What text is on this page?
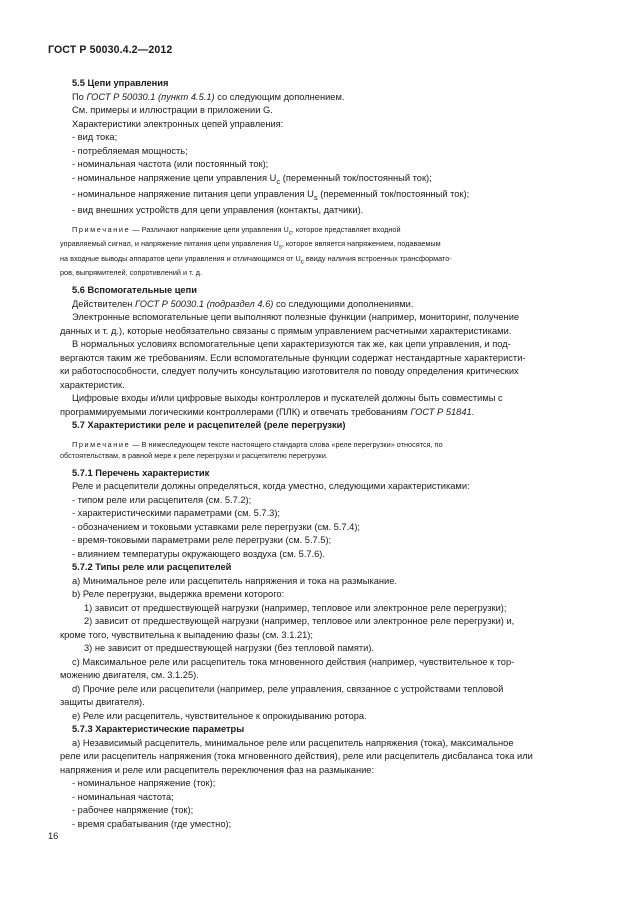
ГОСТ Р 50030.4.2—2012
5.5 Цепи управления
По ГОСТ Р 50030.1 (пункт 4.5.1) со следующим дополнением.
См. примеры и иллюстрации в приложении G.
Характеристики электронных цепей управления:
- вид тока;
- потребляемая мощность;
- номинальная частота (или постоянный ток);
- номинальное напряжение цепи управления $U_c$ (переменный ток/постоянный ток);
- номинальное напряжение питания цепи управления $U_s$ (переменный ток/постоянный ток);
- вид внешних устройств для цепи управления (контакты, датчики).
Примечание — Различают напряжение цепи управления $U_c$, которое представляет входной
управляемый сигнал, и напряжение питания цепи управления $U_s$, которое является напряжением, подаваемым
на входные выводы аппаратов цепи управления и отличающимся от $U_c$ ввиду наличия встроенных трансформато-
ров, выпрямителей, сопротивлений и т. д.
5.6 Вспомогательные цепи
Действителен ГОСТ Р 50030.1 (подраздел 4.6) со следующими дополнениями.
Электронные вспомогательные цепи выполняют полезные функции (например, мониторинг, получение
данных и т. д.), которые необязательно связаны с прямым управлением расчетными характеристиками.
В нормальных условиях вспомогательные цепи характеризуются так же, как цепи управления, и под-
вергаются таким же требованиям. Если вспомогательные функции содержат нестандартные характеристи-
ки работоспособности, следует получить консультацию изготовителя по поводу определения критических
характеристик.
Цифровые входы и/или цифровые выходы контроллеров и пускателей должны быть совместимы с
программируемыми логическими контроллерами (ПЛК) и отвечать требованиям ГОСТ Р 51841.
5.7 Характеристики реле и расцепителей (реле перегрузки)
Примечание — В нижеследующем тексте настоящего стандарта слова «реле перегрузки» относятся, по
обстоятельствам, в равной мере к реле перегрузки и расцепителю перегрузки.
5.7.1 Перечень характеристик
Реле и расцепители должны определяться, когда уместно, следующими характеристиками:
- типом реле или расцепителя (см. 5.7.2);
- характеристическими параметрами (см. 5.7.3);
- обозначением и токовыми уставками реле перегрузки (см. 5.7.4);
- время-токовыми параметрами реле перегрузки (см. 5.7.5);
- влиянием температуры окружающего воздуха (см. 5.7.6).
5.7.2 Типы реле или расцепителей
а) Минимальное реле или расцепитель напряжения и тока на размыкание.
b) Реле перегрузки, выдержка времени которого:
1) зависит от предшествующей нагрузки (например, тепловое или электронное реле перегрузки);
2) зависит от предшествующей нагрузки (например, тепловое или электронное реле перегрузки) и,
кроме того, чувствительна к выпадению фазы (см. 3.1.21);
3) не зависит от предшествующей нагрузки (без тепловой памяти).
с) Максимальное реле или расцепитель тока мгновенного действия (например, чувствительное к тор-
можению двигателя, см. 3.1.25).
d) Прочие реле или расцепители (например, реле управления, связанное с устройствами тепловой
защиты двигателя).
е) Реле или расцепитель, чувствительное к опрокидыванию ротора.
5.7.3 Характеристические параметры
а) Независимый расцепитель, минимальное реле или расцепитель напряжения (тока), максимальное
реле или расцепитель напряжения (тока мгновенного действия), реле или расцепитель дисбаланса тока или
напряжения и реле или расцепитель переключения фаз на размыкание:
- номинальное напряжение (ток);
- номинальная частота;
- рабочее напряжение (ток);
- время срабатывания (где уместно);
16
